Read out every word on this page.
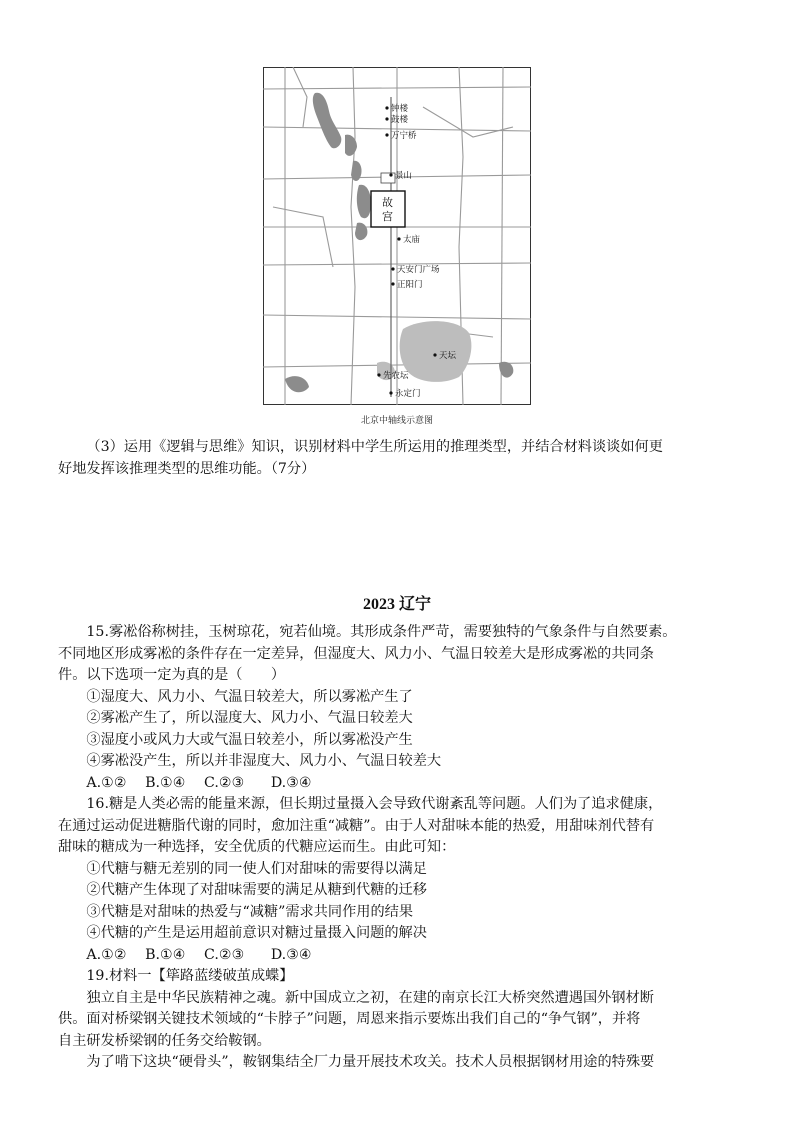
钟楼
鼓楼
万宁桥
景山
故
宫
太庙
天安门广场
正阳门
天坛
先农坛
永定门
北京中轴线示意图

（3）运用《逻辑与思维》知识，识别材料中学生所运用的推理类型，并结合材料谈谈如何更

好地发挥该推理类型的思维功能。（7分）

2023 辽宁

15.雾凇俗称树挂，玉树琼花，宛若仙境。其形成条件严苛，需要独特的气象条件与自然要素。

不同地区形成雾凇的条件存在一定差异，但湿度大、风力小、气温日较差大是形成雾凇的共同条

件。以下选项一定为真的是（　　）

①湿度大、风力小、气温日较差大，所以雾凇产生了

②雾凇产生了，所以湿度大、风力小、气温日较差大

③湿度小或风力大或气温日较差小，所以雾凇没产生

④雾凇没产生，所以并非湿度大、风力小、气温日较差大

A.①② B.①④ C.②③ D.③④

16.糖是人类必需的能量来源，但长期过量摄入会导致代谢紊乱等问题。人们为了追求健康，

在通过运动促进糖脂代谢的同时，愈加注重“减糖”。由于人对甜味本能的热爱，用甜味剂代替有

甜味的糖成为一种选择，安全优质的代糖应运而生。由此可知：

①代糖与糖无差别的同一使人们对甜味的需要得以满足

②代糖产生体现了对甜味需要的满足从糖到代糖的迁移

③代糖是对甜味的热爱与“减糖”需求共同作用的结果

④代糖的产生是运用超前意识对糖过量摄入问题的解决

A.①② B.①④ C.②③ D.③④

19.材料一【筚路蓝缕破茧成蝶】

独立自主是中华民族精神之魂。新中国成立之初，在建的南京长江大桥突然遭遇国外钢材断

供。面对桥梁钢关键技术领域的“卡脖子”问题，周恩来指示要炼出我们自己的“争气钢”，并将

自主研发桥梁钢的任务交给鞍钢。

为了啃下这块“硬骨头”，鞍钢集结全厂力量开展技术攻关。技术人员根据钢材用途的特殊要
